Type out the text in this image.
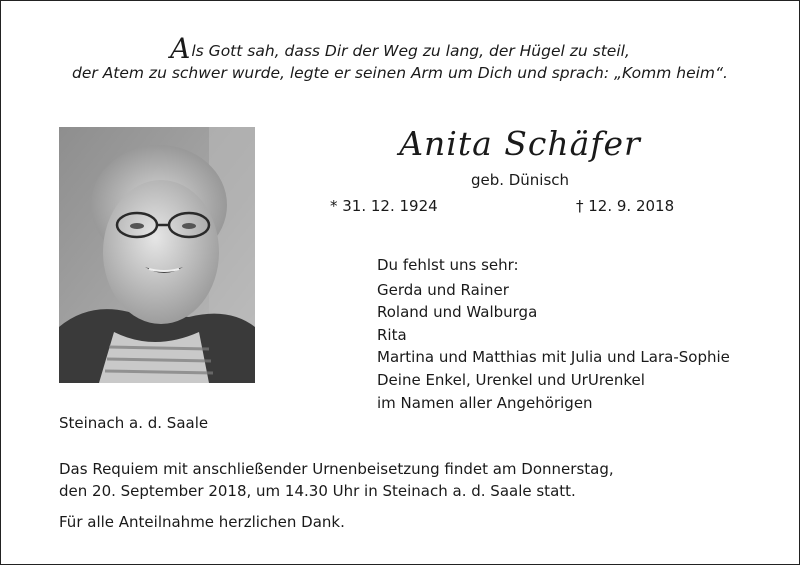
Als Gott sah, dass Dir der Weg zu lang, der Hügel zu steil,
der Atem zu schwer wurde, legte er seinen Arm um Dich und sprach: „Komm heim“.
Anita Schäfer
geb. Dünisch
* 31. 12. 1924	† 12. 9. 2018
Du fehlst uns sehr:
Gerda und Rainer
Roland und Walburga
Rita
Martina und Matthias mit Julia und Lara-Sophie
Deine Enkel, Urenkel und UrUrenkel
im Namen aller Angehörigen
Steinach a. d. Saale

Das Requiem mit anschließender Urnenbeisetzung findet am Donnerstag,
den 20. September 2018, um 14.30 Uhr in Steinach a. d. Saale statt.

Für alle Anteilnahme herzlichen Dank.
